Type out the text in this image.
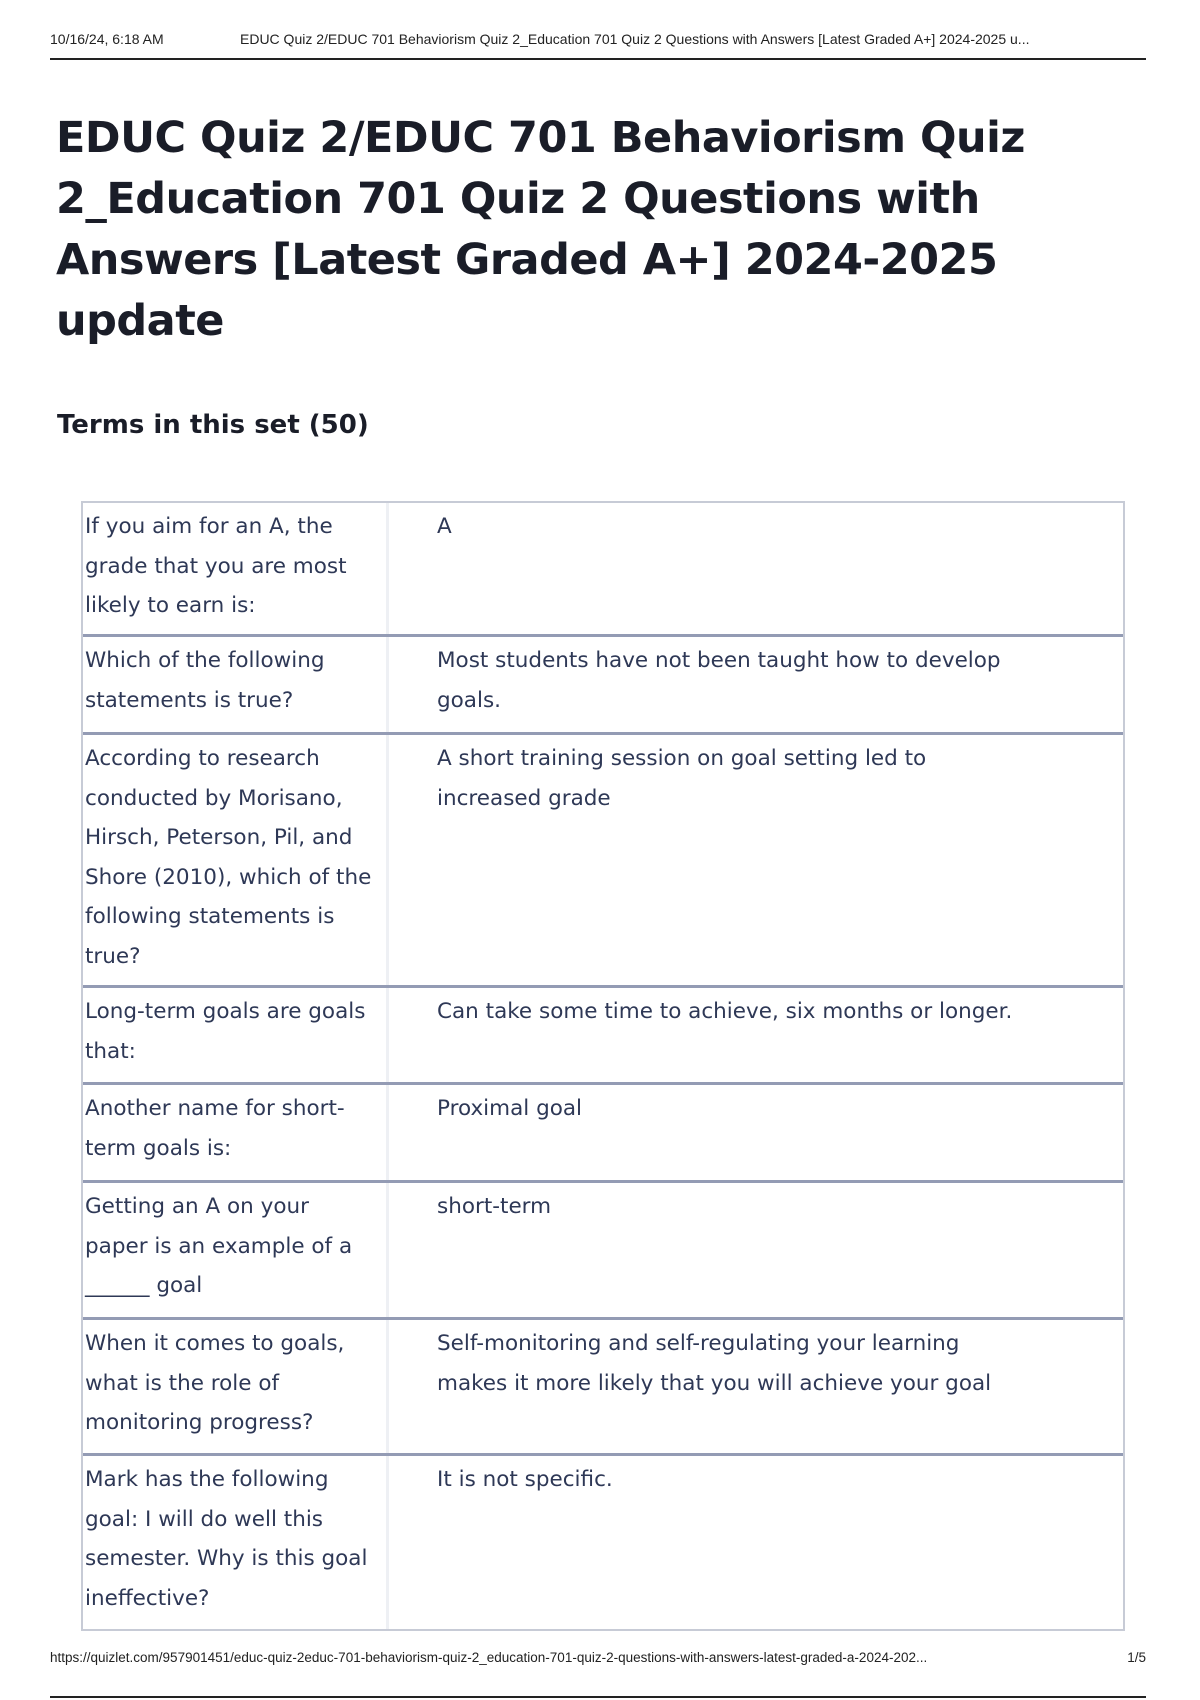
10/16/24, 6:18 AM	EDUC Quiz 2/EDUC 701 Behaviorism Quiz 2_Education 701 Quiz 2 Questions with Answers [Latest Graded A+] 2024-2025 u...
EDUC Quiz 2/EDUC 701 Behaviorism Quiz 2_Education 701 Quiz 2 Questions with Answers [Latest Graded A+] 2024-2025 update
Terms in this set (50)
If you aim for an A, the grade that you are most likely to earn is:
A
Which of the following statements is true?
Most students have not been taught how to develop goals.
According to research conducted by Morisano, Hirsch, Peterson, Pil, and Shore (2010), which of the following statements is true?
A short training session on goal setting led to increased grade
Long-term goals are goals that:
Can take some time to achieve, six months or longer.
Another name for short-term goals is:
Proximal goal
Getting an A on your paper is an example of a ______ goal
short-term
When it comes to goals, what is the role of monitoring progress?
Self-monitoring and self-regulating your learning makes it more likely that you will achieve your goal
Mark has the following goal: I will do well this semester. Why is this goal ineffective?
It is not specific.
https://quizlet.com/957901451/educ-quiz-2educ-701-behaviorism-quiz-2_education-701-quiz-2-questions-with-answers-latest-graded-a-2024-202...	1/5
